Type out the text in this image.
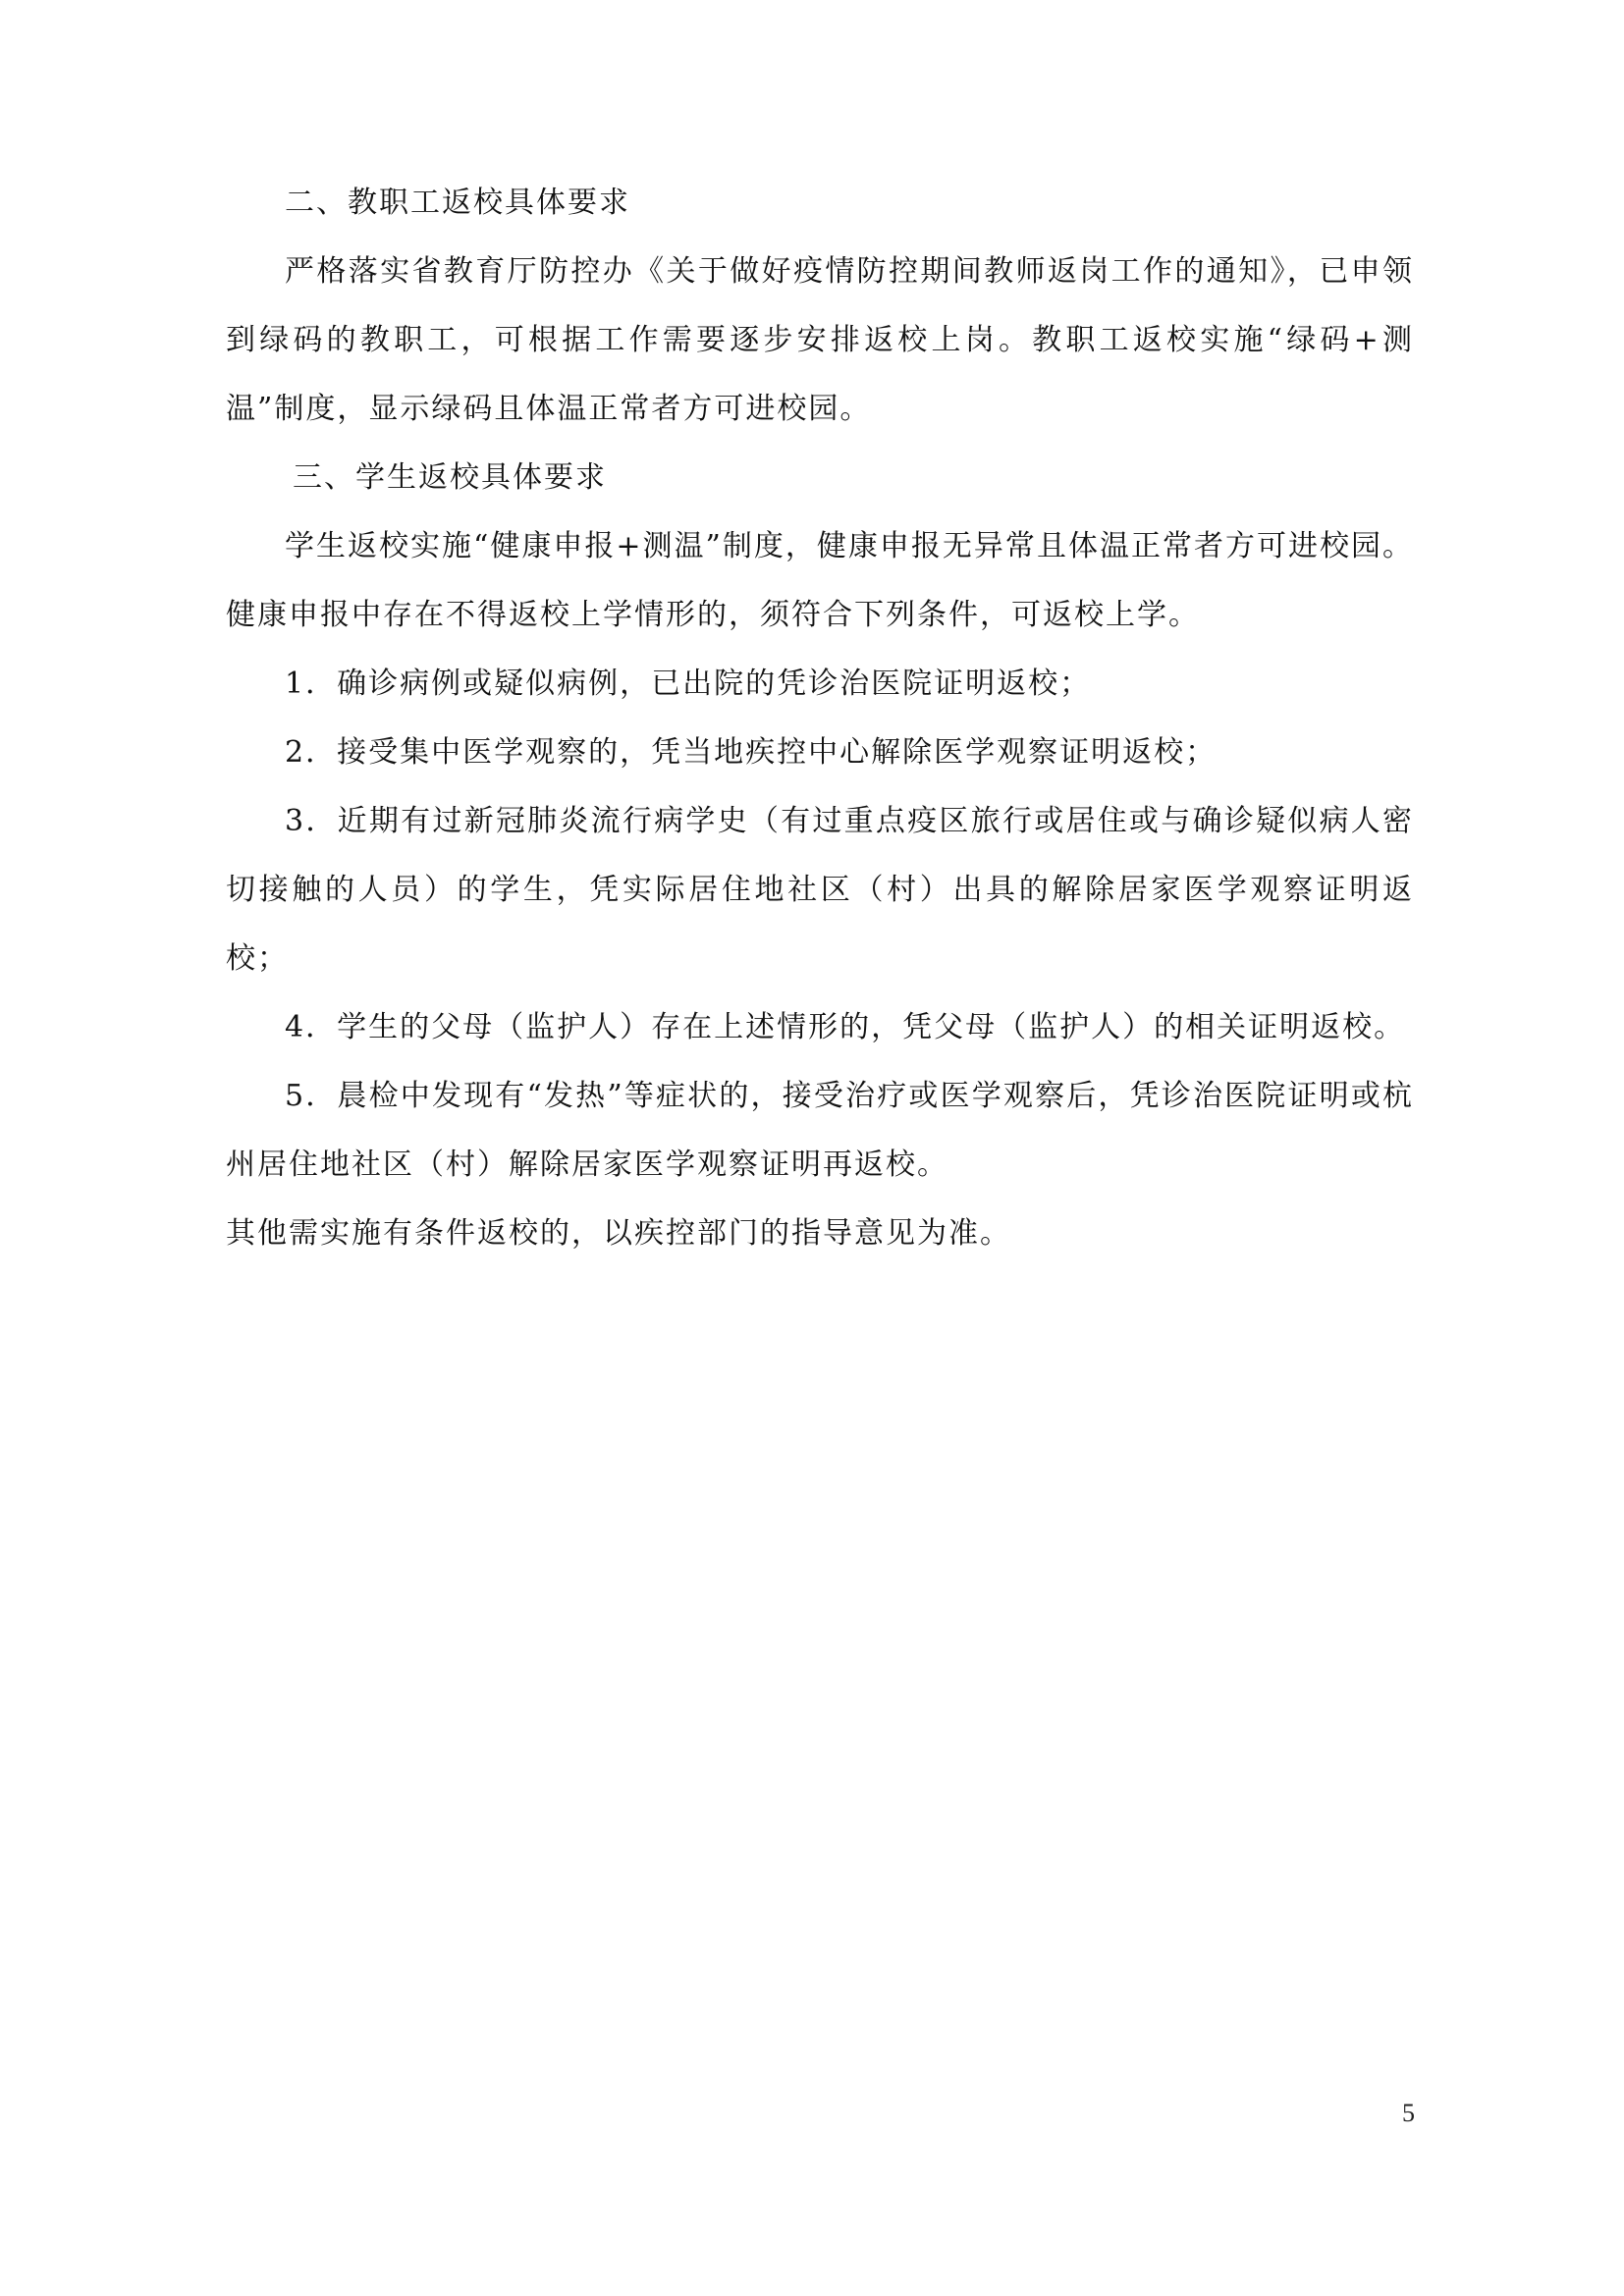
二、教职工返校具体要求

严格落实省教育厅防控办《关于做好疫情防控期间教师返岗工作的通知》，已申领到绿码的教职工，可根据工作需要逐步安排返校上岗。教职工返校实施“绿码+测温”制度，显示绿码且体温正常者方可进校园。

三、学生返校具体要求

学生返校实施“健康申报+测温”制度，健康申报无异常且体温正常者方可进校园。健康申报中存在不得返校上学情形的，须符合下列条件，可返校上学。

1．确诊病例或疑似病例，已出院的凭诊治医院证明返校；

2．接受集中医学观察的，凭当地疾控中心解除医学观察证明返校；

3．近期有过新冠肺炎流行病学史（有过重点疫区旅行或居住或与确诊疑似病人密切接触的人员）的学生，凭实际居住地社区（村）出具的解除居家医学观察证明返校；

4．学生的父母（监护人）存在上述情形的，凭父母（监护人）的相关证明返校。

5．晨检中发现有“发热”等症状的，接受治疗或医学观察后，凭诊治医院证明或杭州居住地社区（村）解除居家医学观察证明再返校。

其他需实施有条件返校的，以疾控部门的指导意见为准。

5
